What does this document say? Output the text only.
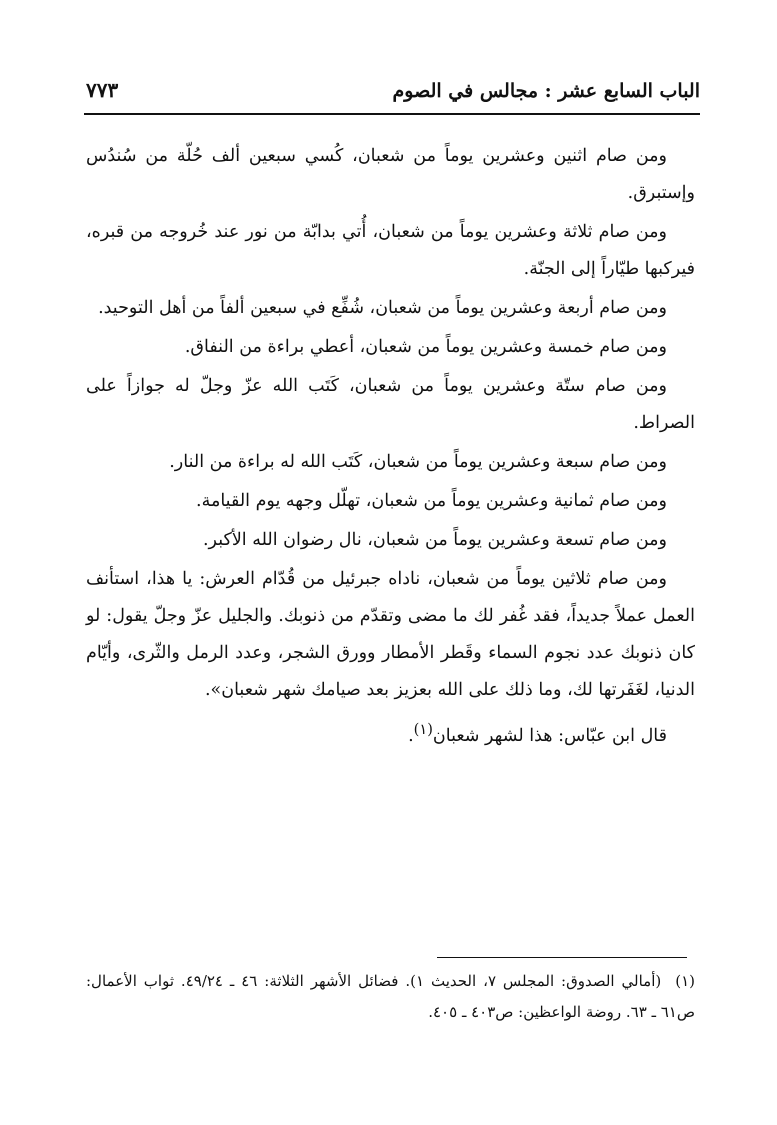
الباب السابع عشر : مجالس في الصوم
٧٧٣

ومن صام اثنين وعشرين يوماً من شعبان، كُسي سبعين ألف حُلّة من سُندُس وإستبرق.

ومن صام ثلاثة وعشرين يوماً من شعبان، أُتي بدابّة من نور عند خُروجه من قبره، فيركبها طيّاراً إلى الجنّة.

ومن صام أربعة وعشرين يوماً من شعبان، شُفِّع في سبعين ألفاً من أهل التوحيد.

ومن صام خمسة وعشرين يوماً من شعبان، أعطي براءة من النفاق.

ومن صام ستّة وعشرين يوماً من شعبان، كَتَب الله عزّ وجلّ له جوازاً على الصراط.

ومن صام سبعة وعشرين يوماً من شعبان، كَتَب الله له براءة من النار.

ومن صام ثمانية وعشرين يوماً من شعبان، تهلّل وجهه يوم القيامة.

ومن صام تسعة وعشرين يوماً من شعبان، نال رضوان الله الأكبر.

ومن صام ثلاثين يوماً من شعبان، ناداه جبرئيل من قُدّام العرش: يا هذا، استأنف العمل عملاً جديداً، فقد غُفر لك ما مضى وتقدّم من ذنوبك. والجليل عزّ وجلّ يقول: لو كان ذنوبك عدد نجوم السماء وقَطر الأمطار وورق الشجر، وعدد الرمل والثّرى، وأيّام الدنيا، لغَفَرتها لك، وما ذلك على الله بعزيز بعد صيامك شهر شعبان».

قال ابن عبّاس: هذا لشهر شعبان$^{(١)}$.

(١)(أمالي الصدوق: المجلس ٧، الحديث ١). فضائل الأشهر الثلاثة: ٤٦ ـ ٤٩/٢٤. ثواب الأعمال: ص٦١ ـ ٦٣. روضة الواعظين: ص٤٠٣ ـ ٤٠٥.
